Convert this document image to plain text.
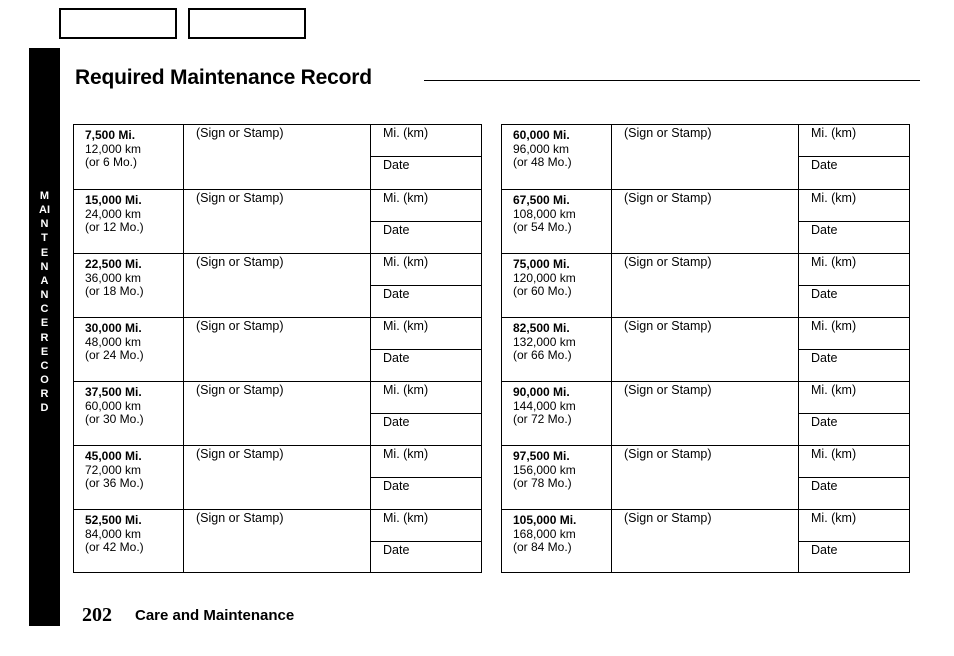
MAINTENANCE RECORD
Required Maintenance Record
7,500 Mi.
12,000 km
(or 6 Mo.)
(Sign or Stamp)	Mi. (km)
Date
15,000 Mi.
24,000 km
(or 12 Mo.)
(Sign or Stamp)	Mi. (km)
Date
22,500 Mi.
36,000 km
(or 18 Mo.)
(Sign or Stamp)	Mi. (km)
Date
30,000 Mi.
48,000 km
(or 24 Mo.)
(Sign or Stamp)	Mi. (km)
Date
37,500 Mi.
60,000 km
(or 30 Mo.)
(Sign or Stamp)	Mi. (km)
Date
45,000 Mi.
72,000 km
(or 36 Mo.)
(Sign or Stamp)	Mi. (km)
Date
52,500 Mi.
84,000 km
(or 42 Mo.)
(Sign or Stamp)	Mi. (km)
Date
60,000 Mi.
96,000 km
(or 48 Mo.)
(Sign or Stamp)	Mi. (km)
Date
67,500 Mi.
108,000 km
(or 54 Mo.)
(Sign or Stamp)	Mi. (km)
Date
75,000 Mi.
120,000 km
(or 60 Mo.)
(Sign or Stamp)	Mi. (km)
Date
82,500 Mi.
132,000 km
(or 66 Mo.)
(Sign or Stamp)	Mi. (km)
Date
90,000 Mi.
144,000 km
(or 72 Mo.)
(Sign or Stamp)	Mi. (km)
Date
97,500 Mi.
156,000 km
(or 78 Mo.)
(Sign or Stamp)	Mi. (km)
Date
105,000 Mi.
168,000 km
(or 84 Mo.)
(Sign or Stamp)	Mi. (km)
Date
202 Care and Maintenance
